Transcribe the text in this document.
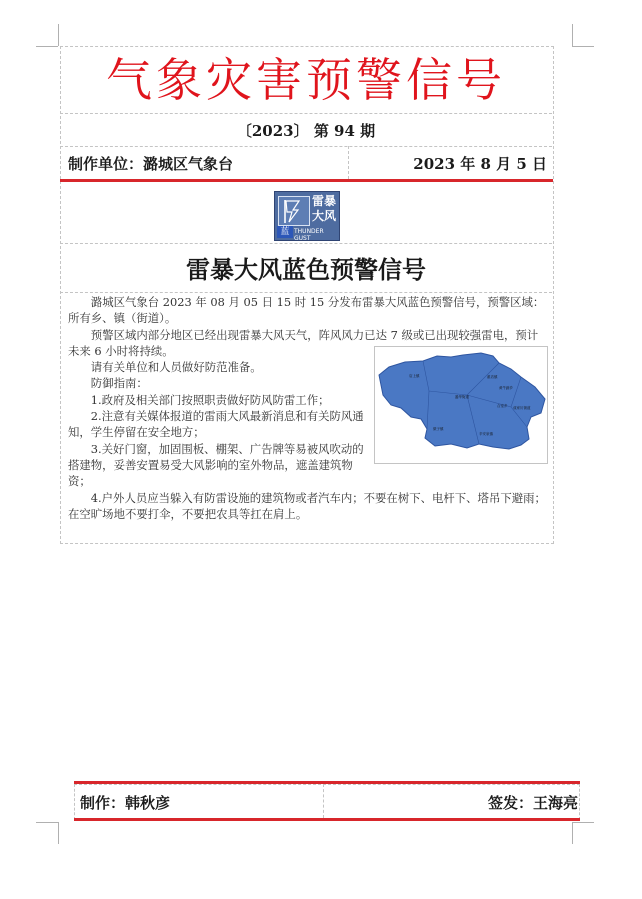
气象灾害预警信号
〔2023〕 第 94 期
制作单位：潞城区气象台	2023 年 8 月 5 日
雷暴
大风
蓝 THUNDER GUST
雷暴大风蓝色预警信号

潞城区气象台 2023 年 08 月 05 日 15 时 15 分发布雷暴大风蓝色预警信号，预警区域：所有乡、镇（街道）。

预警区域内部分地区已经出现雷暴大风天气，阵风风力已达 7 级或已出现较强雷电，预计未来 6 小时将持续。

请有关单位和人员做好防范准备。

防御指南：

1.政府及相关部门按照职责做好防风防雷工作；

2.注意有关媒体报道的雷雨大风最新消息和有关防风通知，学生停留在安全地方；

3.关好门窗，加固围板、棚架、广告牌等易被风吹动的搭建物，妥善安置易受大风影响的室外物品，遮盖建筑物资；

4.户外人员应当躲入有防雷设施的建筑物或者汽车内；不要在树下、电杆下、塔吊下避雨；在空旷场地不要打伞，不要把农具等扛在肩上。

店上镇	翟店镇
黄牛蹄乡
潞华街道
成家川街道
合室乡
微子镇
辛安泉镇
制作：韩秋彦	签发：王海亮
